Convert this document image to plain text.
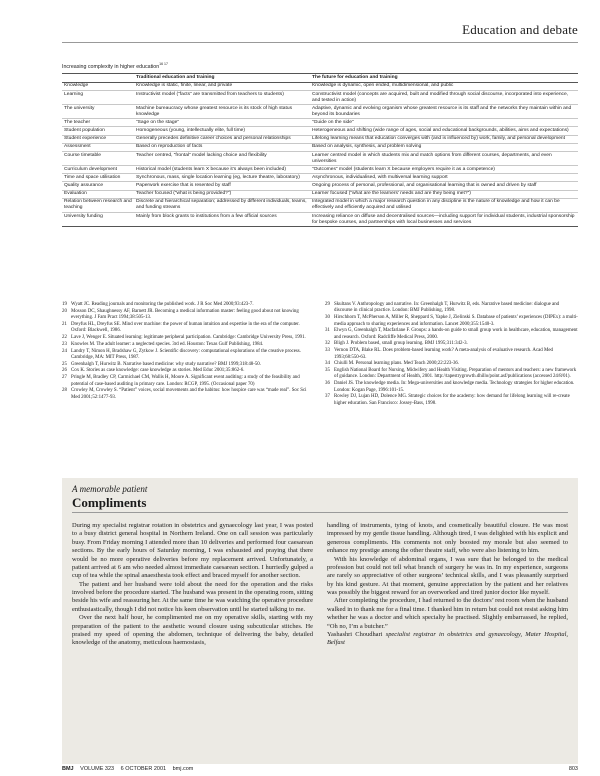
Education and debate
Increasing complexity in higher education$^{16 17}$
	Traditional education and training	The future for education and training
Knowledge	Knowledge is static, finite, linear, and private	Knowledge is dynamic, open ended, multidimensional, and public
Learning	Instructivist model (“facts” are transmitted from teachers to students)	Constructivist model (concepts are acquired, built and modified through social discourse, incorporated into experience, and tested in action)
The university	Machine bureaucracy whose greatest resource is its stock of high status knowledge	Adaptive, dynamic and evolving organism whose greatest resource is its staff and the networks they maintain within and beyond its boundaries
The teacher	“Sage on the stage”	“Guide on the side”
Student population	Homogeneous (young, intellectually elite, full time)	Heterogeneous and shifting (wide range of ages, social and educational backgrounds, abilities, aims and expectations)
Student experience	Generally precedes definitive career choices and personal relationships	Lifelong learning means that education converges with (and is influenced by) work, family, and personal development
Assessment	Based on reproduction of facts	Based on analysis, synthesis, and problem solving
Course timetable	Teacher centred, “frontal” model lacking choice and flexibility	Learner centred model in which students mix and match options from different courses, departments, and even universities
Curriculum development	Historical model (students learn X because it’s always been included)	“Outcomes” model (students learn X because employers require it as a competence)
Time and space utilisation	Synchronous, mass, single location learning (eg, lecture theatre, laboratory)	Asynchronous, individualised, with multiversal learning support
Quality assurance	Paperwork exercise that is resented by staff	Ongoing process of personal, professional, and organisational learning that is owned and driven by staff
Evaluation	Teacher focused (“what is being provided?”)	Learner focused (“what are the learners’ needs and are they being met?”)
Relation between research and teaching	Discrete and hierarchical separation; addressed by different individuals, teams, and funding streams	Integrated model in which a major research question in any discipline is the nature of knowledge and how it can be effectively and efficiently acquired and utilised
University funding	Mainly from block grants to institutions from a few official sources	Increasing reliance on diffuse and decentralised sources—including support for individual students, industrial sponsorship for bespoke courses, and partnerships with local businesses and services
19 Wyatt JC. Reading journals and monitoring the published work. J R Soc Med 2000;93:423-7.
20 Mosson DC, Shaughnessy AF, Barnett JR. Becoming a medical information master: feeling good about not knowing everything. J Fam Pract 1994;38:505-13.
21 Dreyfus HL, Dreyfus SE. Mind over machine: the power of human intuition and expertise in the era of the computer. Oxford: Blackwell, 1986.
22 Lave J, Wenger E. Situated learning: legitimate peripheral participation. Cambridge: Cambridge University Press, 1991.
23 Knowles M. The adult learner: a neglected species. 3rd ed. Houston: Texas Gulf Publishing, 1984.
24 Landry T, Nimon H, Bradshaw G, Zytkow J. Scientific discovery: computational explorations of the creative process. Cambridge, MA: MIT Press, 1987.
25 Greenhalgh T, Hurwitz B. Narrative based medicine: why study narrative? BMJ 1999;318:48-50.
26 Cox K. Stories as case knowledge: case knowledge as stories. Med Educ 2001;35:862-6.
27 Pringle M, Bradley CP, Carmichael CM, Wallis H, Moore A. Significant event auditing: a study of the feasibility and potential of case-based auditing in primary care. London: RCGP, 1995. (Occasional paper 70)
28 Crowley M, Crowley S. “Patient” voices, social movements and the habitus: how hospice care was “made real”. Soc Sci Med 2001;52:1477-93.
29 Skultans V. Anthropology and narrative. In: Greenhalgh T, Hurwitz B, eds. Narrative based medicine: dialogue and discourse in clinical practice. London: BMJ Publishing, 1998.
30 Hirschhorn T, McPherson A, Miller R, Sheppard S, Yapke J, Zielinski S. Database of patients’ experiences (DIPEx): a multi-media approach to sharing experiences and information. Lancet 2000;355:1540-3.
31 Elwyn G, Greenhalgh T, Macfarlane F. Groups: a hands-on guide to small group work in healthcare, education, management and research. Oxford: Radcliffe Medical Press, 2000.
32 Bligh J. Problem based, small group learning. BMJ 1995;311:342-3.
33 Vernon DTA, Blake RL. Does problem-based learning work? A meta-analysis of evaluative research. Acad Med 1993;68:550-63.
34 Chiulli M. Personal learning plans. Med Teach 2000;22:223-36.
35 English National Board for Nursing, Midwifery and Health Visiting. Preparation of mentors and teachers: a new framework of guidance. London: Department of Health, 2001. http://tapestrygrowth.dhillo/point.asf/publications (accessed 24/8/01).
36 Daniel JS. The knowledge media. In: Mega-universities and knowledge media. Technology strategies for higher education. London: Kogan Page, 1996:101-15.
37 Rowley DJ, Lujan HD, Dolence MG. Strategic choices for the academy: how demand for lifelong learning will re-create higher education. San Francisco: Jossey-Bass, 1998.
A memorable patient
Compliments

During my specialist registrar rotation in obstetrics and gynaecology last year, I was posted to a busy district general hospital in Northern Ireland. One on call session was particularly busy. From Friday morning I attended more than 10 deliveries and performed four caesarean sections. By the early hours of Saturday morning, I was exhausted and praying that there would be no more operative deliveries before my replacement arrived. Unfortunately, a patient arrived at 6 am who needed almost immediate caesarean section. I hurriedly gulped a cup of tea while the spinal anaesthesia took effect and braced myself for another section.

The patient and her husband were told about the need for the operation and the risks involved before the procedure started. The husband was present in the operating room, sitting beside his wife and reassuring her. At the same time he was watching the operative procedure enthusiastically, though I did not notice his keen observation until he started talking to me.

Over the next half hour, he complimented me on my operative skills, starting with my preparation of the patient to the aesthetic wound closure using subcuticular stitches. He praised my speed of opening the abdomen, technique of delivering the baby, detailed knowledge of the anatomy, meticulous haemostasis,

handling of instruments, tying of knots, and cosmetically beautiful closure. He was most impressed by my gentle tissue handling. Although tired, I was delighted with his explicit and generous compliments. His comments not only boosted my morale but also seemed to enhance my prestige among the other theatre staff, who were also listening to him.

With his knowledge of abdominal organs, I was sure that he belonged to the medical profession but could not tell what branch of surgery he was in. In my experience, surgeons are rarely so appreciative of other surgeons’ technical skills, and I was pleasantly surprised by his kind gesture. At that moment, genuine appreciation by the patient and her relatives was possibly the biggest reward for an overworked and tired junior doctor like myself.

After completing the procedure, I had returned to the doctors’ rest room when the husband walked in to thank me for a final time. I thanked him in return but could not resist asking him whether he was a doctor and which specialty he practised. Slightly embarrassed, he replied, “Oh no, I’m a butcher.”

Yashashri Choudhari specialist registrar in obstetrics and gynaecology, Mater Hospital, Belfast

BMJ VOLUME 323 6 OCTOBER 2001 bmj.com	803
